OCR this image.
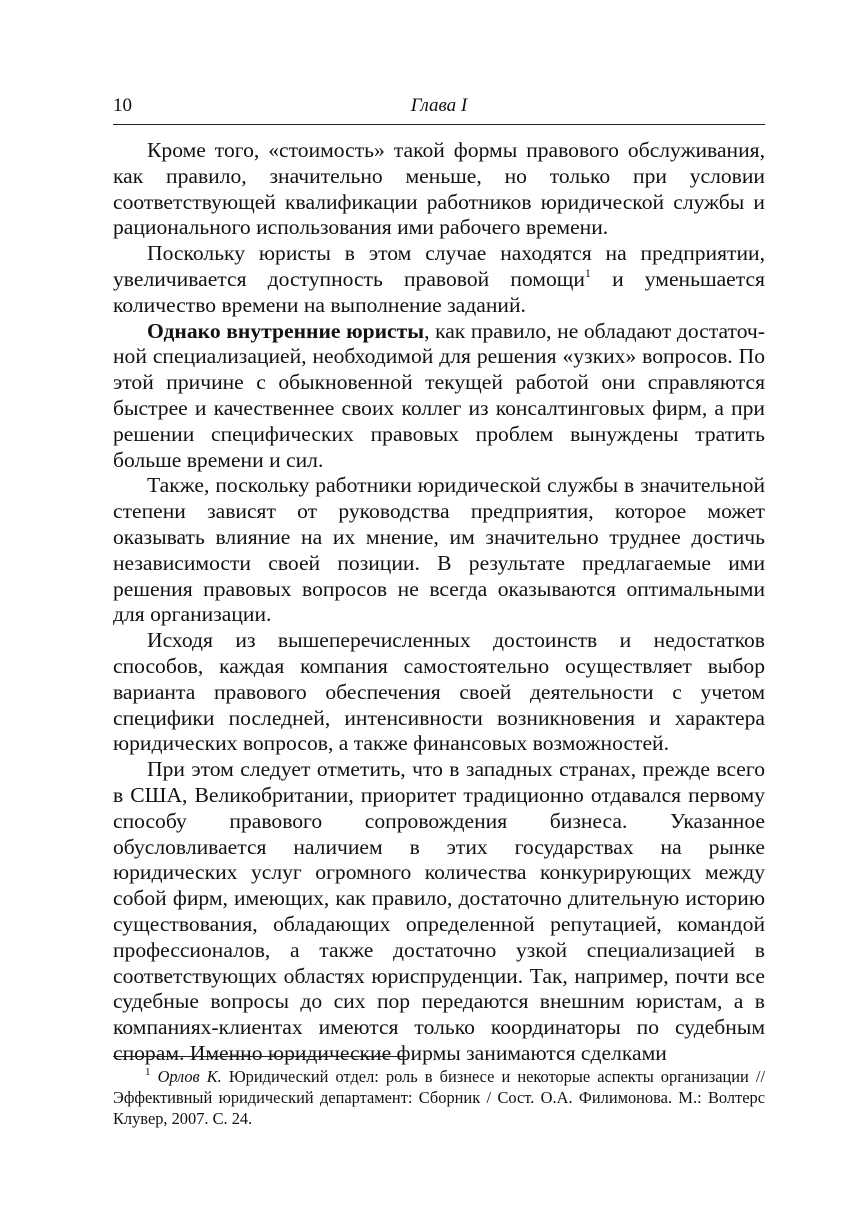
10	Глава I

Кроме того, «стоимость» такой формы правового обслуживания, как правило, значительно меньше, но только при условии соответствующей квалификации работников юридической службы и рационального использования ими рабочего времени.

Поскольку юристы в этом случае находятся на предприятии, увеличивается доступность правовой помощи$^1$ и уменьшается количество времени на выполнение заданий.

Однако внутренние юристы, как правило, не обладают достаточной специализацией, необходимой для решения «узких» вопросов. По этой причине с обыкновенной текущей работой они справляются быстрее и качественнее своих коллег из консалтинговых фирм, а при решении специфических правовых проблем вынуждены тратить больше времени и сил.

Также, поскольку работники юридической службы в значительной степени зависят от руководства предприятия, которое может оказывать влияние на их мнение, им значительно труднее достичь независимости своей позиции. В результате предлагаемые ими решения правовых вопросов не всегда оказываются оптимальными для организации.

Исходя из вышеперечисленных достоинств и недостатков способов, каждая компания самостоятельно осуществляет выбор варианта правового обеспечения своей деятельности с учетом специфики последней, интенсивности возникновения и характера юридических вопросов, а также финансовых возможностей.

При этом следует отметить, что в западных странах, прежде всего в США, Великобритании, приоритет традиционно отдавался первому способу правового сопровождения бизнеса. Указанное обусловливается наличием в этих государствах на рынке юридических услуг огромного количества конкурирующих между собой фирм, имеющих, как правило, достаточно длительную историю существования, обладающих определенной репутацией, командой профессионалов, а также достаточно узкой специализацией в соответствующих областях юриспруденции. Так, например, почти все судебные вопросы до сих пор передаются внешним юристам, а в компаниях-клиентах имеются только координаторы по судебным спорам. Именно юридические фирмы занимаются сделками

$^1$ Орлов К. Юридический отдел: роль в бизнесе и некоторые аспекты организации // Эффективный юридический департамент: Сборник / Сост. О.А. Филимонова. М.: Волтерс Клувер, 2007. С. 24.
